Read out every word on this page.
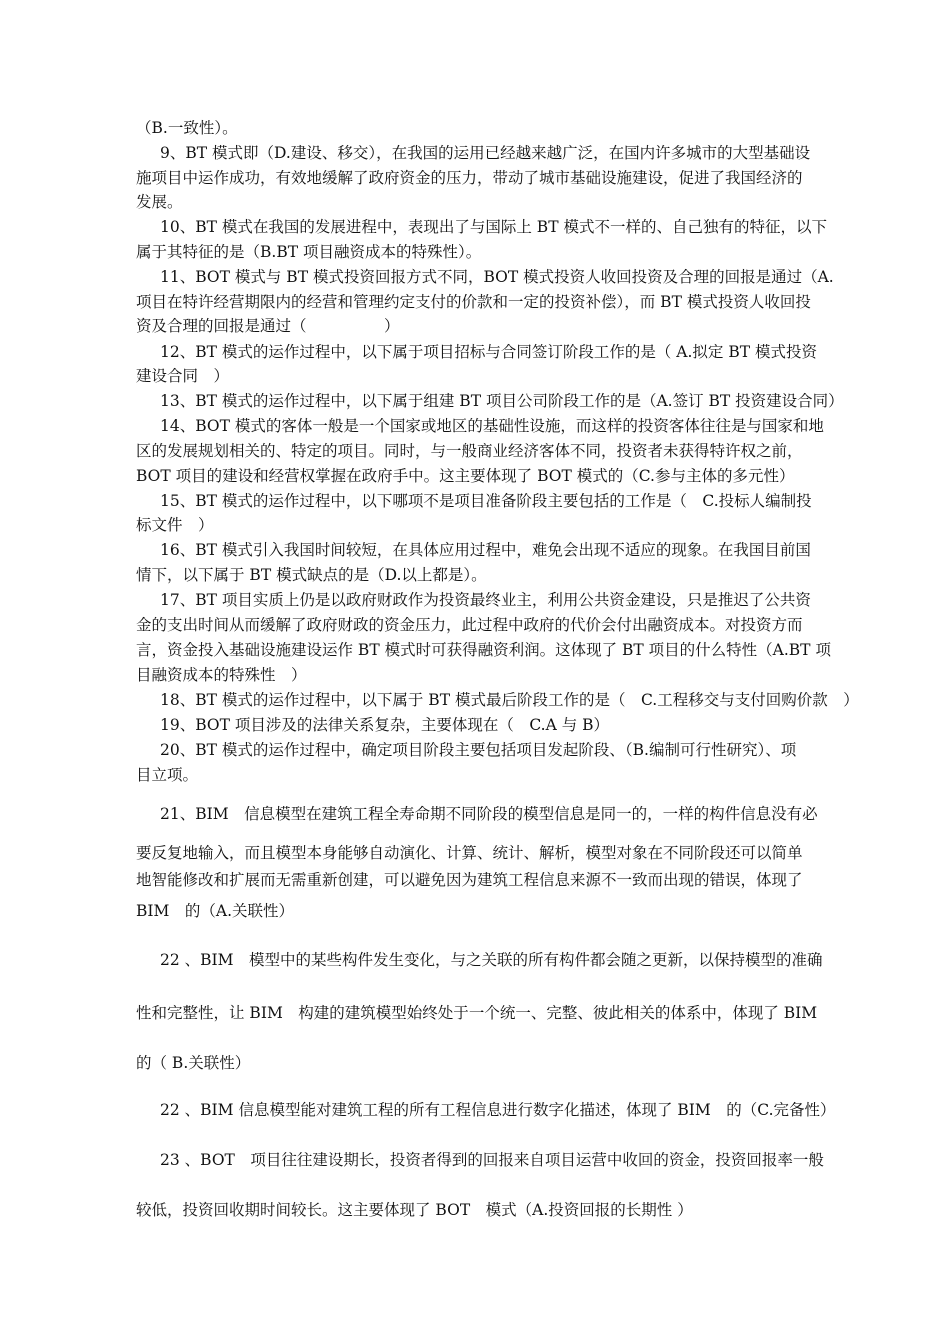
（B.一致性）。

9、BT 模式即（D.建设、移交），在我国的运用已经越来越广泛，在国内许多城市的大型基础设

施项目中运作成功，有效地缓解了政府资金的压力，带动了城市基础设施建设，促进了我国经济的

发展。

10、BT 模式在我国的发展进程中，表现出了与国际上 BT 模式不一样的、自己独有的特征，以下

属于其特征的是（B.BT 项目融资成本的特殊性）。

11、BOT 模式与 BT 模式投资回报方式不同，BOT 模式投资人收回投资及合理的回报是通过（A.

项目在特许经营期限内的经营和管理约定支付的价款和一定的投资补偿），而 BT 模式投资人收回投

资及合理的回报是通过（　　　　　）

12、BT 模式的运作过程中，以下属于项目招标与合同签订阶段工作的是（ A.拟定 BT 模式投资

建设合同　）

13、BT 模式的运作过程中，以下属于组建 BT 项目公司阶段工作的是（A.签订 BT 投资建设合同）

14、BOT 模式的客体一般是一个国家或地区的基础性设施，而这样的投资客体往往是与国家和地

区的发展规划相关的、特定的项目。同时，与一般商业经济客体不同，投资者未获得特许权之前，

BOT 项目的建设和经营权掌握在政府手中。这主要体现了 BOT 模式的（C.参与主体的多元性）

15、BT 模式的运作过程中，以下哪项不是项目准备阶段主要包括的工作是（　C.投标人编制投

标文件　）

16、BT 模式引入我国时间较短，在具体应用过程中，难免会出现不适应的现象。在我国目前国

情下，以下属于 BT 模式缺点的是（D.以上都是）。

17、BT 项目实质上仍是以政府财政作为投资最终业主，利用公共资金建设，只是推迟了公共资

金的支出时间从而缓解了政府财政的资金压力，此过程中政府的代价会付出融资成本。对投资方而

言，资金投入基础设施建设运作 BT 模式时可获得融资利润。这体现了 BT 项目的什么特性（A.BT 项

目融资成本的特殊性　）

18、BT 模式的运作过程中，以下属于 BT 模式最后阶段工作的是（　C.工程移交与支付回购价款　）

19、BOT 项目涉及的法律关系复杂，主要体现在（　C.A 与 B）

20、BT 模式的运作过程中，确定项目阶段主要包括项目发起阶段、（B.编制可行性研究）、项

目立项。

21、BIM　信息模型在建筑工程全寿命期不同阶段的模型信息是同一的，一样的构件信息没有必

要反复地输入，而且模型本身能够自动演化、计算、统计、解析，模型对象在不同阶段还可以简单

地智能修改和扩展而无需重新创建，可以避免因为建筑工程信息来源不一致而出现的错误，体现了

BIM　的（A.关联性）

22 、BIM　模型中的某些构件发生变化，与之关联的所有构件都会随之更新，以保持模型的准确

性和完整性，让 BIM　构建的建筑模型始终处于一个统一、完整、彼此相关的体系中，体现了 BIM

的（ B.关联性）

22 、BIM 信息模型能对建筑工程的所有工程信息进行数字化描述，体现了 BIM　的（C.完备性）

23 、BOT　项目往往建设期长，投资者得到的回报来自项目运营中收回的资金，投资回报率一般

较低，投资回收期时间较长。这主要体现了 BOT　模式（A.投资回报的长期性 ）
